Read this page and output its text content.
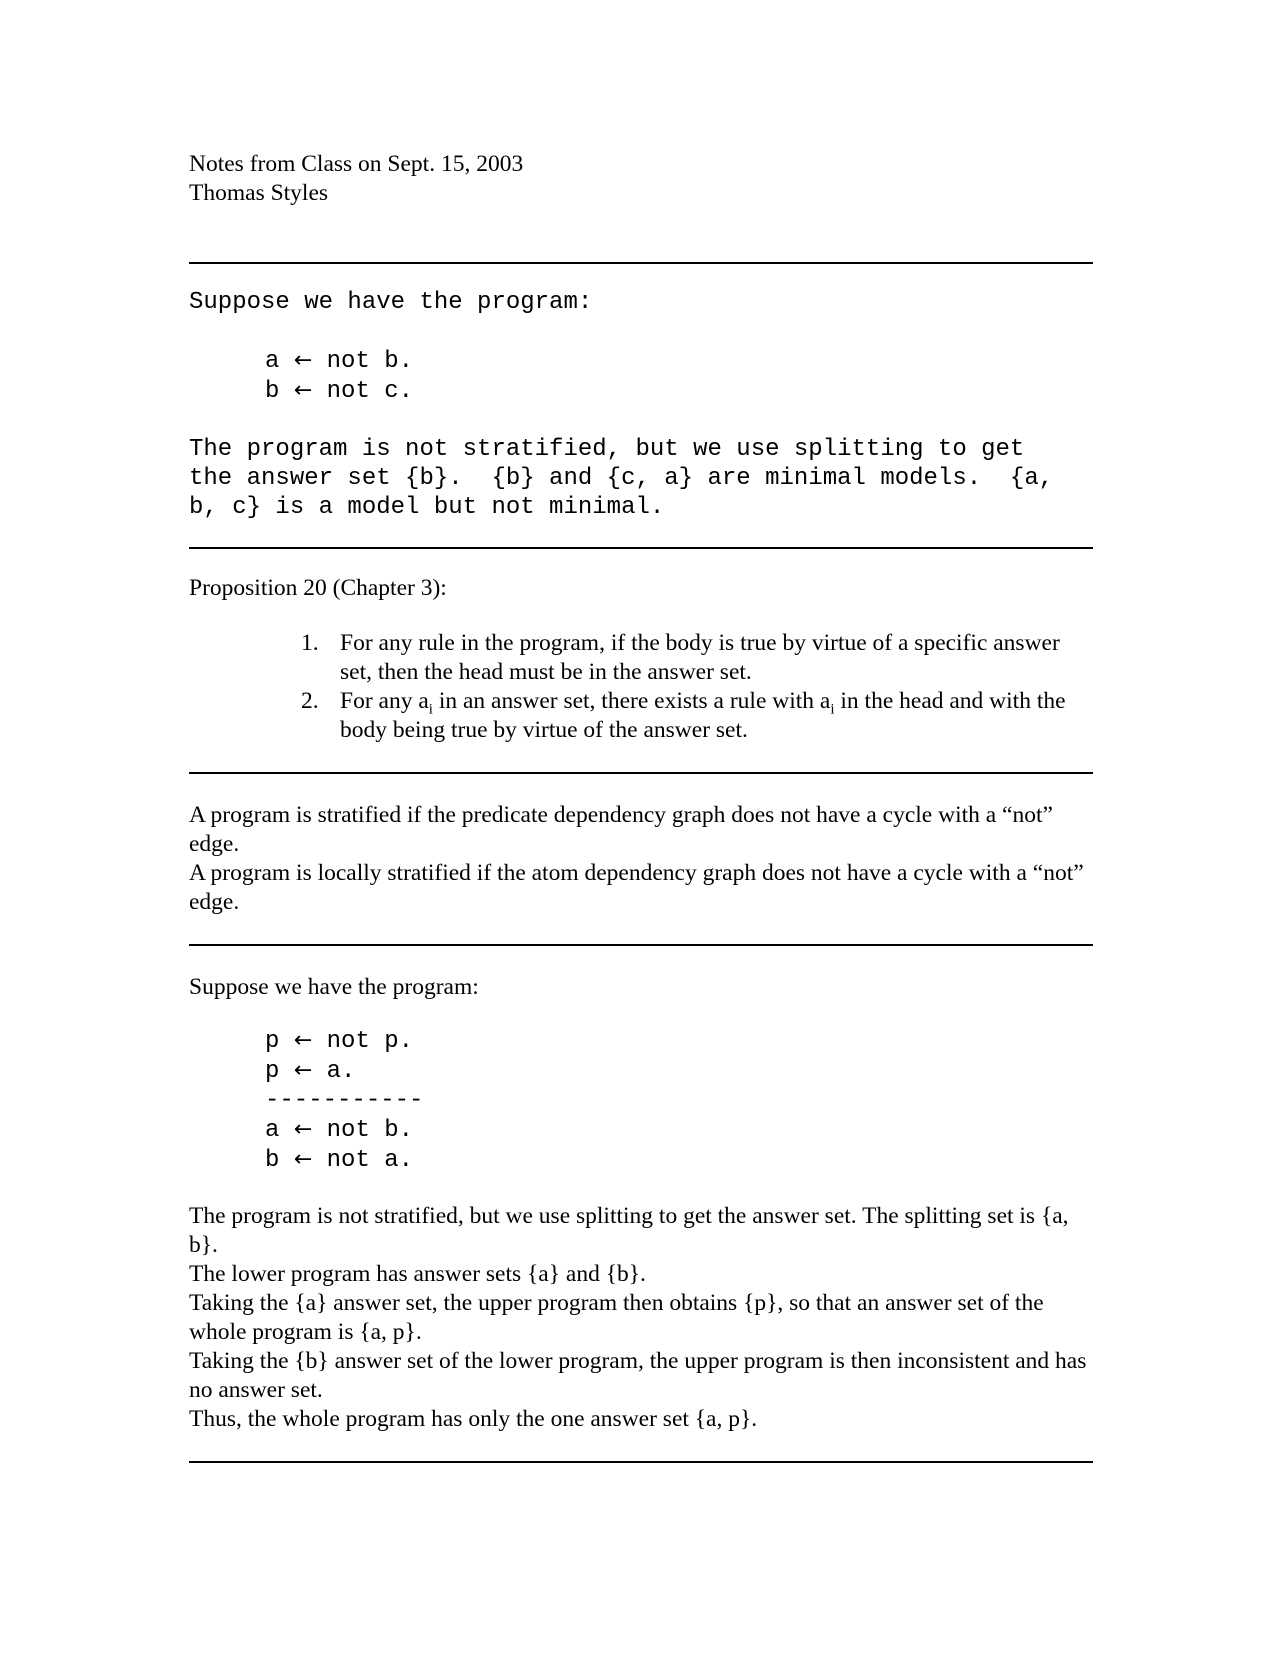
Notes from Class on Sept. 15, 2003
Thomas Styles
Suppose we have the program:
a ← not b.
b ← not c.
The program is not stratified, but we use splitting to get
the answer set {b}.  {b} and {c, a} are minimal models.  {a,
b, c} is a model but not minimal.
Proposition 20 (Chapter 3):
1. For any rule in the program, if the body is true by virtue of a specific answer set, then the head must be in the answer set.
2. For any $a_i$ in an answer set, there exists a rule with $a_i$ in the head and with the body being true by virtue of the answer set.
A program is stratified if the predicate dependency graph does not have a cycle with a “not” edge.
A program is locally stratified if the atom dependency graph does not have a cycle with a “not” edge.
Suppose we have the program:
p ← not p.
p ← a.
-----------
a ← not b.
b ← not a.
The program is not stratified, but we use splitting to get the answer set. The splitting set is {a, b}.
The lower program has answer sets {a} and {b}.
Taking the {a} answer set, the upper program then obtains {p}, so that an answer set of the whole program is {a, p}.
Taking the {b} answer set of the lower program, the upper program is then inconsistent and has no answer set.
Thus, the whole program has only the one answer set {a, p}.
